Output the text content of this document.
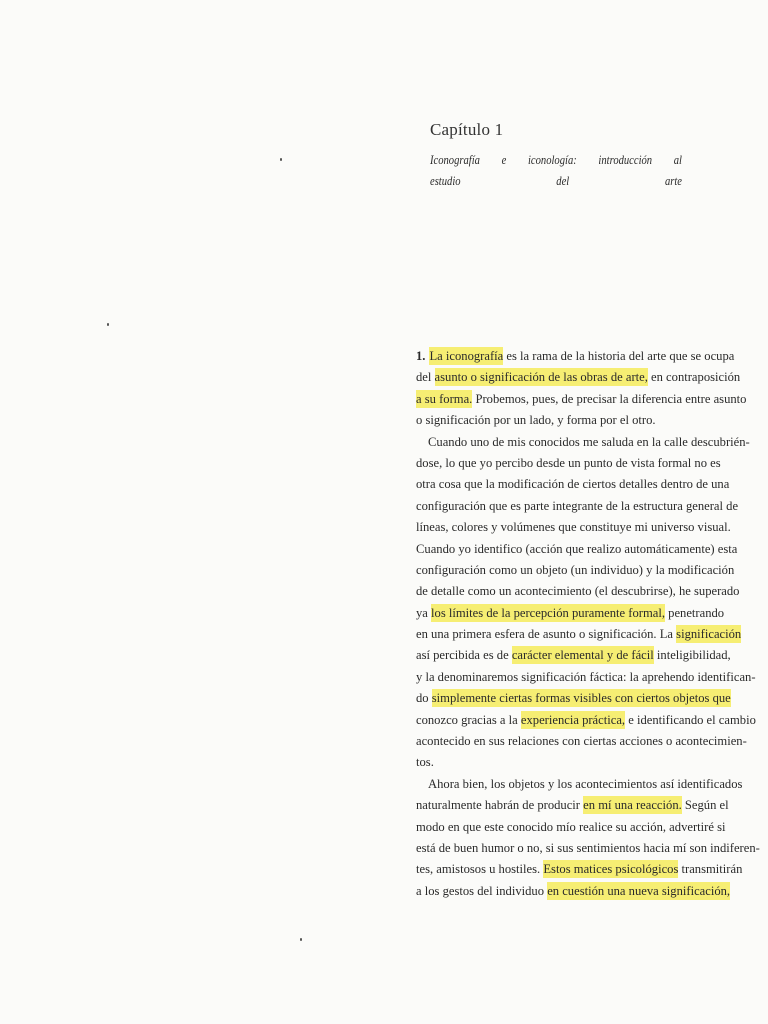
Capítulo 1
Iconografía e iconología: introducción al
estudio del arte
1. La iconografía es la rama de la historia del arte que se ocupa
del asunto o significación de las obras de arte, en contraposición
a su forma. Probemos, pues, de precisar la diferencia entre asunto
o significación por un lado, y forma por el otro.
Cuando uno de mis conocidos me saluda en la calle descubrién-
dose, lo que yo percibo desde un punto de vista formal no es
otra cosa que la modificación de ciertos detalles dentro de una
configuración que es parte integrante de la estructura general de
líneas, colores y volúmenes que constituye mi universo visual.
Cuando yo identifico (acción que realizo automáticamente) esta
configuración como un objeto (un individuo) y la modificación
de detalle como un acontecimiento (el descubrirse), he superado
ya los límites de la percepción puramente formal, penetrando
en una primera esfera de asunto o significación. La significación
así percibida es de carácter elemental y de fácil inteligibilidad,
y la denominaremos significación fáctica: la aprehendo identifican-
do simplemente ciertas formas visibles con ciertos objetos que
conozco gracias a la experiencia práctica, e identificando el cambio
acontecido en sus relaciones con ciertas acciones o acontecimien-
tos.
Ahora bien, los objetos y los acontecimientos así identificados
naturalmente habrán de producir en mí una reacción. Según el
modo en que este conocido mío realice su acción, advertiré si
está de buen humor o no, si sus sentimientos hacia mí son indiferen-
tes, amistosos u hostiles. Estos matices psicológicos transmitirán
a los gestos del individuo en cuestión una nueva significación,
